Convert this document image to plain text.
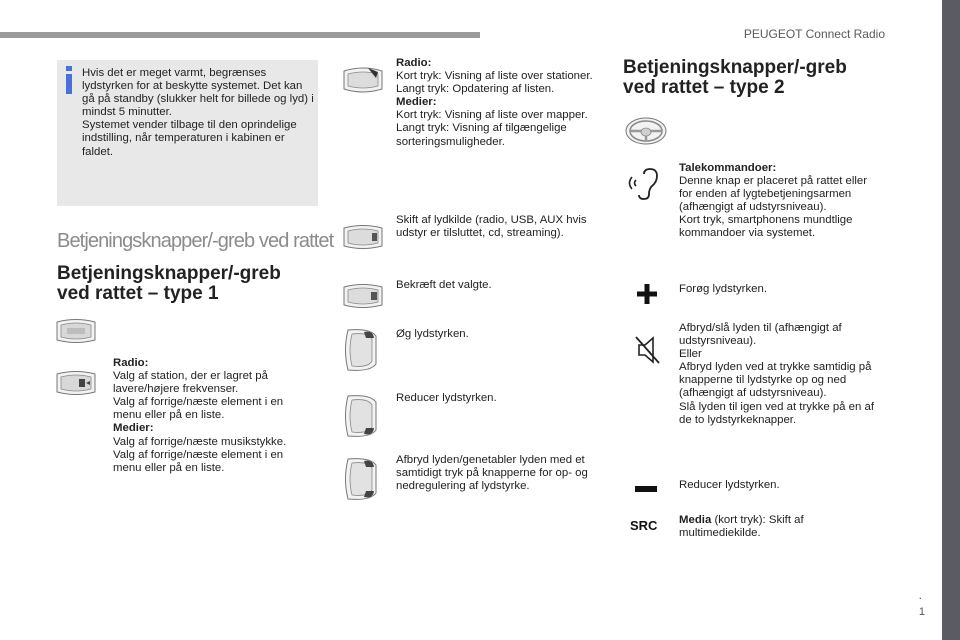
PEUGEOT Connect Radio
.
1
Hvis det er meget varmt, begrænses lydstyrken for at beskytte systemet. Det kan gå på standby (slukker helt for billede og lyd) i mindst 5 minutter.
Systemet vender tilbage til den oprindelige indstilling, når temperaturen i kabinen er faldet.
Betjeningsknapper/-greb ved rattet
Betjeningsknapper/-greb
ved rattet – type 1
Radio:
Valg af station, der er lagret på lavere/højere frekvenser.
Valg af forrige/næste element i en menu eller på en liste.
Medier:
Valg af forrige/næste musikstykke.
Valg af forrige/næste element i en menu eller på en liste.
Radio:
Kort tryk: Visning af liste over stationer.
Langt tryk: Opdatering af listen.
Medier:
Kort tryk: Visning af liste over mapper.
Langt tryk: Visning af tilgængelige sorteringsmuligheder.
Skift af lydkilde (radio, USB, AUX hvis udstyr er tilsluttet, cd, streaming).
Bekræft det valgte.
Øg lydstyrken.
Reducer lydstyrken.
Afbryd lyden/genetabler lyden med et samtidigt tryk på knapperne for op- og nedregulering af lydstyrke.
Betjeningsknapper/-greb
ved rattet – type 2
Talekommandoer:
Denne knap er placeret på rattet eller for enden af lygtebetjeningsarmen (afhængigt af udstyrsniveau).
Kort tryk, smartphonens mundtlige kommandoer via systemet.
Forøg lydstyrken.
Afbryd/slå lyden til (afhængigt af udstyrsniveau).
Eller
Afbryd lyden ved at trykke samtidig på knapperne til lydstyrke op og ned (afhængigt af udstyrsniveau).
Slå lyden til igen ved at trykke på en af de to lydstyrkeknapper.
Reducer lydstyrken.
SRC Media (kort tryk): Skift af multimediekilde.
